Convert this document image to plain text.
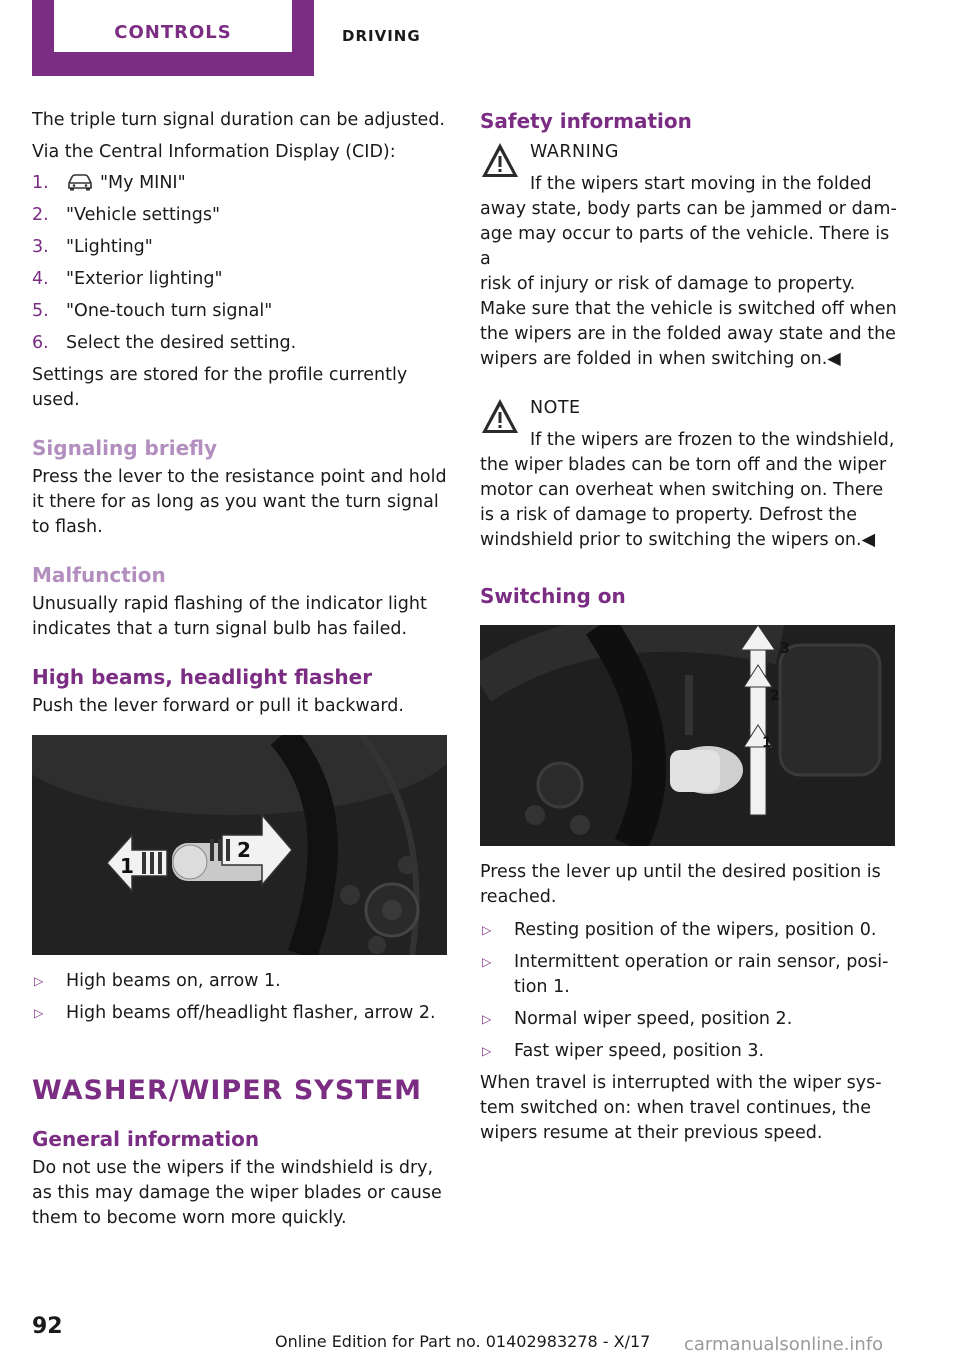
CONTROLS	DRIVING

The triple turn signal duration can be adjusted.

Via the Central Information Display (CID):

1.	"My MINI"
2. "Vehicle settings"
3. "Lighting"
4. "Exterior lighting"
5. "One-touch turn signal"
6. Select the desired setting.

Settings are stored for the profile currently

used.

Signaling briefly

Press the lever to the resistance point and hold

it there for as long as you want the turn signal

to flash.

Malfunction

Unusually rapid flashing of the indicator light

indicates that a turn signal bulb has failed.

High beams, headlight flasher

Push the lever forward or pull it backward.

1
2
▷ High beams on, arrow 1.
▷ High beams off/headlight flasher, arrow 2.
WASHER/WIPER SYSTEM
General information

Do not use the wipers if the windshield is dry,

as this may damage the wiper blades or cause

them to become worn more quickly.

Safety information
WARNING

If the wipers start moving in the folded

away state, body parts can be jammed or dam‐

age may occur to parts of the vehicle. There is a

risk of injury or risk of damage to property.

Make sure that the vehicle is switched off when

the wipers are in the folded away state and the

wipers are folded in when switching on.◀

NOTE

If the wipers are frozen to the windshield,

the wiper blades can be torn off and the wiper

motor can overheat when switching on. There

is a risk of damage to property. Defrost the

windshield prior to switching the wipers on.◀

Switching on
3
2
1
0

Press the lever up until the desired position is

reached.

▷ Resting position of the wipers, position 0.
▷ Intermittent operation or rain sensor, posi‐
tion 1.
▷ Normal wiper speed, position 2.
▷ Fast wiper speed, position 3.

When travel is interrupted with the wiper sys‐

tem switched on: when travel continues, the

wipers resume at their previous speed.

92
Online Edition for Part no. 01402983278 - X/17 carmanualsonline.info
